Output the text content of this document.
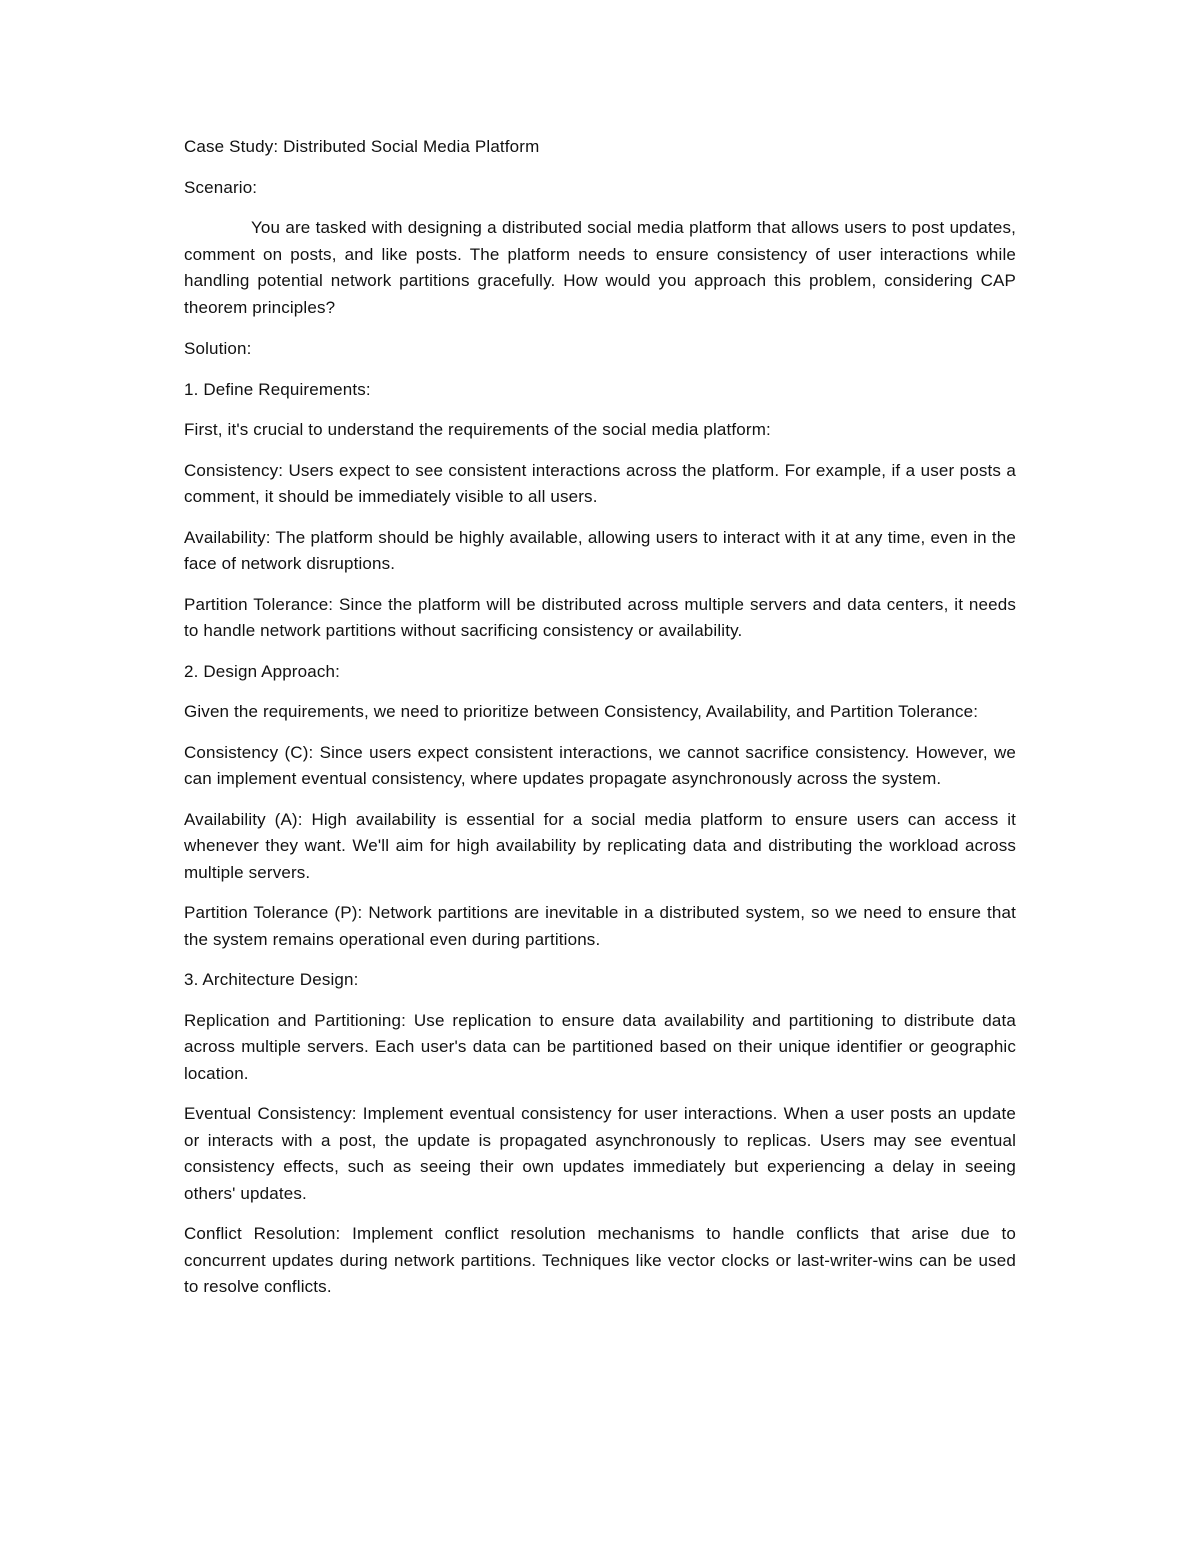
Case Study: Distributed Social Media Platform

Scenario:

You are tasked with designing a distributed social media platform that allows users to post updates, comment on posts, and like posts. The platform needs to ensure consistency of user interactions while handling potential network partitions gracefully. How would you approach this problem, considering CAP theorem principles?

Solution:

1. Define Requirements:

First, it's crucial to understand the requirements of the social media platform:

Consistency: Users expect to see consistent interactions across the platform. For example, if a user posts a comment, it should be immediately visible to all users.

Availability: The platform should be highly available, allowing users to interact with it at any time, even in the face of network disruptions.

Partition Tolerance: Since the platform will be distributed across multiple servers and data centers, it needs to handle network partitions without sacrificing consistency or availability.

2. Design Approach:

Given the requirements, we need to prioritize between Consistency, Availability, and Partition Tolerance:

Consistency (C): Since users expect consistent interactions, we cannot sacrifice consistency. However, we can implement eventual consistency, where updates propagate asynchronously across the system.

Availability (A): High availability is essential for a social media platform to ensure users can access it whenever they want. We'll aim for high availability by replicating data and distributing the workload across multiple servers.

Partition Tolerance (P): Network partitions are inevitable in a distributed system, so we need to ensure that the system remains operational even during partitions.

3. Architecture Design:

Replication and Partitioning: Use replication to ensure data availability and partitioning to distribute data across multiple servers. Each user's data can be partitioned based on their unique identifier or geographic location.

Eventual Consistency: Implement eventual consistency for user interactions. When a user posts an update or interacts with a post, the update is propagated asynchronously to replicas. Users may see eventual consistency effects, such as seeing their own updates immediately but experiencing a delay in seeing others' updates.

Conflict Resolution: Implement conflict resolution mechanisms to handle conflicts that arise due to concurrent updates during network partitions. Techniques like vector clocks or last-writer-wins can be used to resolve conflicts.
